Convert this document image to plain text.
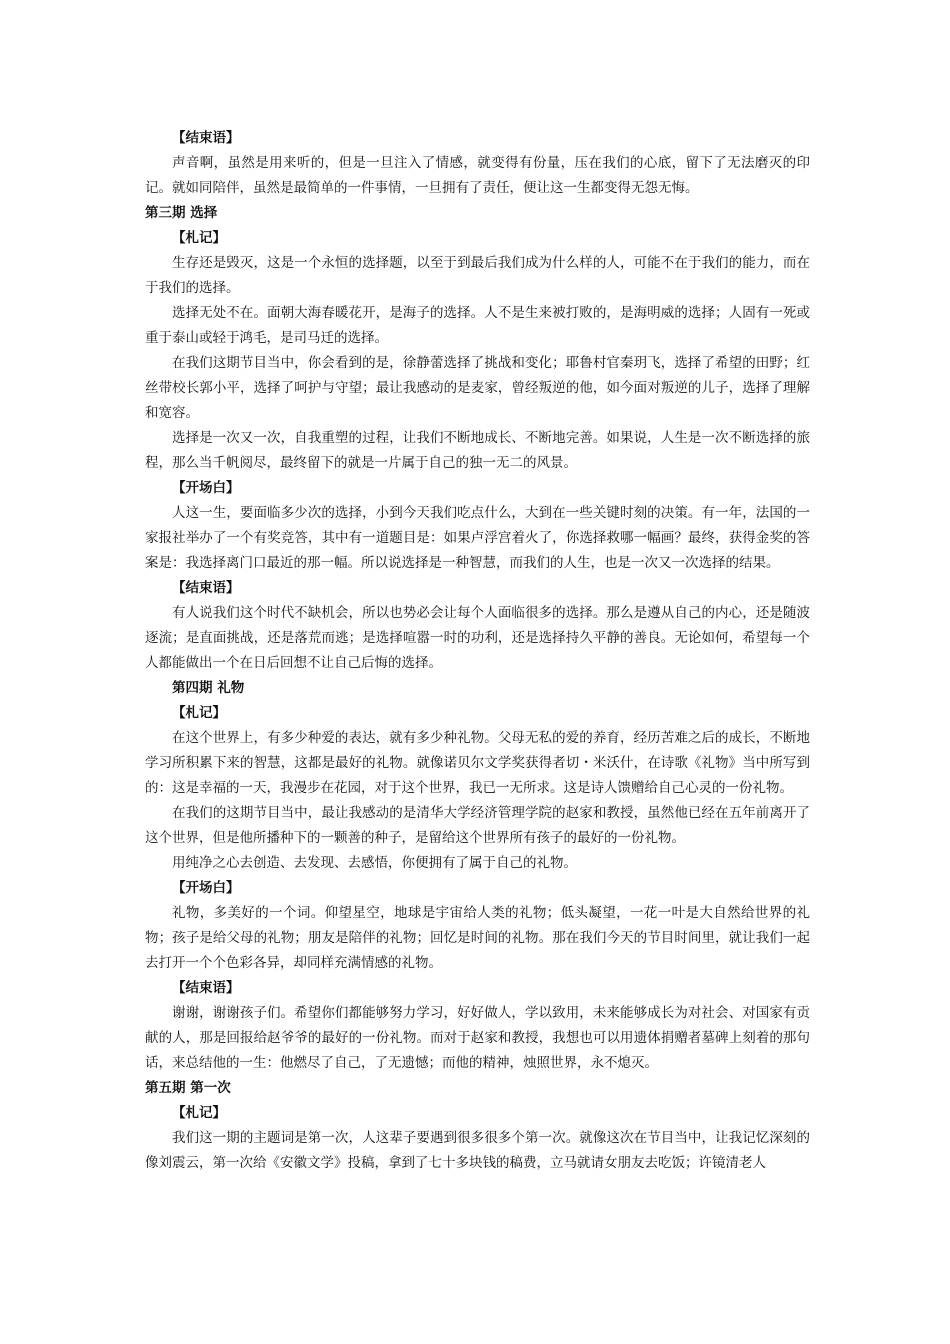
【结束语】
声音啊，虽然是用来听的，但是一旦注入了情感，就变得有份量，压在我们的心底，留下了无法磨灭的印记。就如同陪伴，虽然是最简单的一件事情，一旦拥有了责任，便让这一生都变得无怨无悔。
第三期 选择
【札记】
生存还是毁灭，这是一个永恒的选择题，以至于到最后我们成为什么样的人，可能不在于我们的能力，而在于我们的选择。
选择无处不在。面朝大海春暖花开，是海子的选择。人不是生来被打败的，是海明威的选择；人固有一死或重于泰山或轻于鸿毛，是司马迁的选择。
在我们这期节目当中，你会看到的是，徐静蕾选择了挑战和变化；耶鲁村官秦玥飞，选择了希望的田野；红丝带校长郭小平，选择了呵护与守望；最让我感动的是麦家，曾经叛逆的他，如今面对叛逆的儿子，选择了理解和宽容。
选择是一次又一次，自我重塑的过程，让我们不断地成长、不断地完善。如果说，人生是一次不断选择的旅程，那么当千帆阅尽，最终留下的就是一片属于自己的独一无二的风景。
【开场白】
人这一生，要面临多少次的选择，小到今天我们吃点什么，大到在一些关键时刻的决策。有一年，法国的一家报社举办了一个有奖竞答，其中有一道题目是：如果卢浮宫着火了，你选择救哪一幅画？最终，获得金奖的答案是：我选择离门口最近的那一幅。所以说选择是一种智慧，而我们的人生，也是一次又一次选择的结果。
【结束语】
有人说我们这个时代不缺机会，所以也势必会让每个人面临很多的选择。那么是遵从自己的内心，还是随波逐流；是直面挑战，还是落荒而逃；是选择喧嚣一时的功利，还是选择持久平静的善良。无论如何，希望每一个人都能做出一个在日后回想不让自己后悔的选择。
第四期 礼物
【札记】
在这个世界上，有多少种爱的表达，就有多少种礼物。父母无私的爱的养育，经历苦难之后的成长，不断地学习所积累下来的智慧，这都是最好的礼物。就像诺贝尔文学奖获得者切・米沃什，在诗歌《礼物》当中所写到的：这是幸福的一天，我漫步在花园，对于这个世界，我已一无所求。这是诗人馈赠给自己心灵的一份礼物。
在我们的这期节目当中，最让我感动的是清华大学经济管理学院的赵家和教授，虽然他已经在五年前离开了这个世界，但是他所播种下的一颗善的种子，是留给这个世界所有孩子的最好的一份礼物。
用纯净之心去创造、去发现、去感悟，你便拥有了属于自己的礼物。
【开场白】
礼物，多美好的一个词。仰望星空，地球是宇宙给人类的礼物；低头凝望，一花一叶是大自然给世界的礼物；孩子是给父母的礼物；朋友是陪伴的礼物；回忆是时间的礼物。那在我们今天的节目时间里，就让我们一起去打开一个个色彩各异，却同样充满情感的礼物。
【结束语】
谢谢，谢谢孩子们。希望你们都能够努力学习，好好做人，学以致用，未来能够成长为对社会、对国家有贡献的人，那是回报给赵爷爷的最好的一份礼物。而对于赵家和教授，我想也可以用遗体捐赠者墓碑上刻着的那句话，来总结他的一生：他燃尽了自己，了无遗憾；而他的精神，烛照世界，永不熄灭。
第五期 第一次
【札记】
我们这一期的主题词是第一次，人这辈子要遇到很多很多个第一次。就像这次在节目当中，让我记忆深刻的像刘震云，第一次给《安徽文学》投稿，拿到了七十多块钱的稿费，立马就请女朋友去吃饭；许镜清老人
